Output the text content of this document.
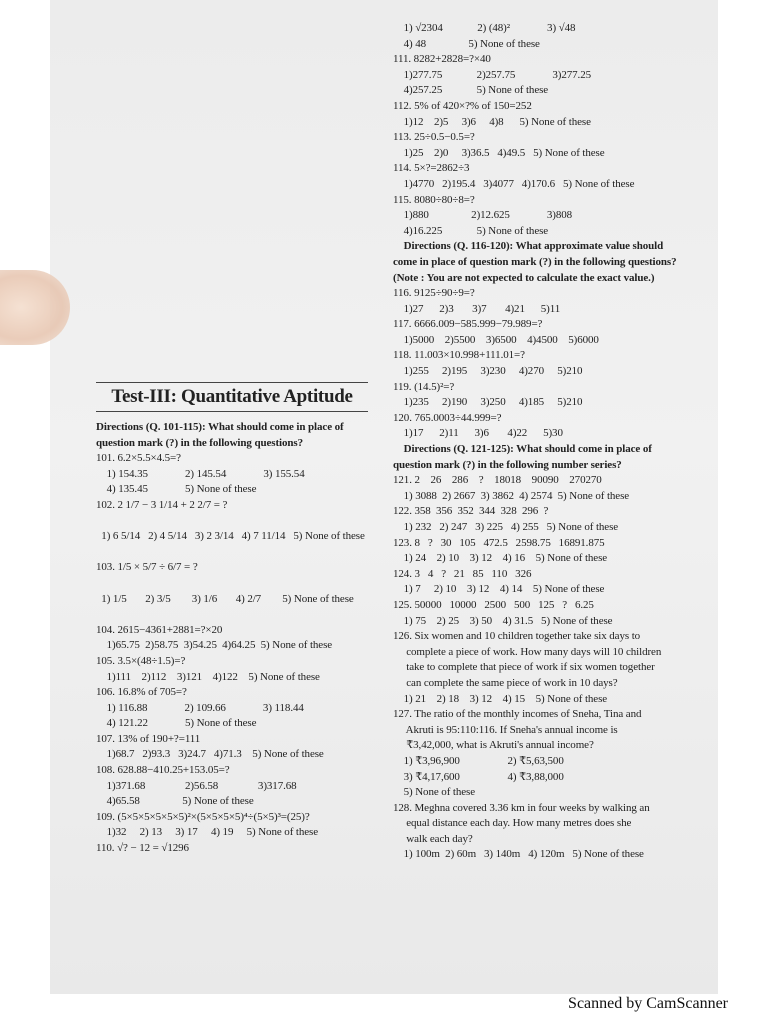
Test-III: Quantitative Aptitude
Directions (Q. 101-115): What should come in place of
question mark (?) in the following questions?
101. 6.2×5.5×4.5=?
1) 154.35              2) 145.54              3) 155.54
4) 135.45              5) None of these
102. 2 1/7 − 3 1/14 + 2 2/7 = ?
1) 6 5/14   2) 4 5/14   3) 2 3/14   4) 7 11/14   5) None of these
103. 1/5 × 5/7 ÷ 6/7 = ?
1) 1/5       2) 3/5        3) 1/6       4) 2/7        5) None of these
104. 2615−4361+2881=?×20
1)65.75  2)58.75  3)54.25  4)64.25  5) None of these
105. 3.5×(48÷1.5)=?
1)111    2)112    3)121    4)122    5) None of these
106. 16.8% of 705=?
1) 116.88              2) 109.66              3) 118.44
4) 121.22              5) None of these
107. 13% of 190+?=111
1)68.7   2)93.3   3)24.7   4)71.3    5) None of these
108. 628.88−410.25+153.05=?
1)371.68               2)56.58               3)317.68
4)65.58                5) None of these
109. (5×5×5×5×5×5)²×(5×5×5×5)⁴÷(5×5)³=(25)?
1)32     2) 13     3) 17     4) 19     5) None of these
110. √? − 12 = √1296
1) √2304             2) (48)²              3) √48
4) 48                5) None of these
111. 8282+2828=?×40
1)277.75             2)257.75              3)277.25
4)257.25             5) None of these
112. 5% of 420×?% of 150=252
1)12    2)5     3)6     4)8      5) None of these
113. 25÷0.5−0.5=?
1)25    2)0     3)36.5   4)49.5   5) None of these
114. 5×?=2862÷3
1)4770   2)195.4   3)4077   4)170.6   5) None of these
115. 8080÷80÷8=?
1)880                2)12.625              3)808
4)16.225             5) None of these
Directions (Q. 116-120): What approximate value should
come in place of question mark (?) in the following questions?
(Note : You are not expected to calculate the exact value.)
116. 9125÷90÷9=?
1)27      2)3       3)7       4)21      5)11
117. 6666.009−585.999−79.989=?
1)5000    2)5500    3)6500    4)4500    5)6000
118. 11.003×10.998+111.01=?
1)255     2)195     3)230     4)270     5)210
119. (14.5)²=?
1)235     2)190     3)250     4)185     5)210
120. 765.0003÷44.999=?
1)17      2)11      3)6       4)22      5)30
Directions (Q. 121-125): What should come in place of
question mark (?) in the following number series?
121. 2    26    286    ?    18018    90090    270270
1) 3088  2) 2667  3) 3862  4) 2574  5) None of these
122. 358  356  352  344  328  296  ?
1) 232   2) 247   3) 225   4) 255   5) None of these
123. 8   ?   30   105   472.5   2598.75   16891.875
1) 24    2) 10    3) 12    4) 16    5) None of these
124. 3   4   ?   21   85   110   326
1) 7     2) 10    3) 12    4) 14    5) None of these
125. 50000   10000   2500   500   125   ?   6.25
1) 75    2) 25    3) 50    4) 31.5   5) None of these
126. Six women and 10 children together take six days to
complete a piece of work. How many days will 10 children
take to complete that piece of work if six women together
can complete the same piece of work in 10 days?
1) 21    2) 18    3) 12    4) 15    5) None of these
127. The ratio of the monthly incomes of Sneha, Tina and
Akruti is 95:110:116. If Sneha's annual income is
₹3,42,000, what is Akruti's annual income?
1) ₹3,96,900                  2) ₹5,63,500
3) ₹4,17,600                  4) ₹3,88,000
5) None of these
128. Meghna covered 3.36 km in four weeks by walking an
equal distance each day. How many metres does she
walk each day?
1) 100m  2) 60m   3) 140m   4) 120m   5) None of these
Scanned by CamScanner
